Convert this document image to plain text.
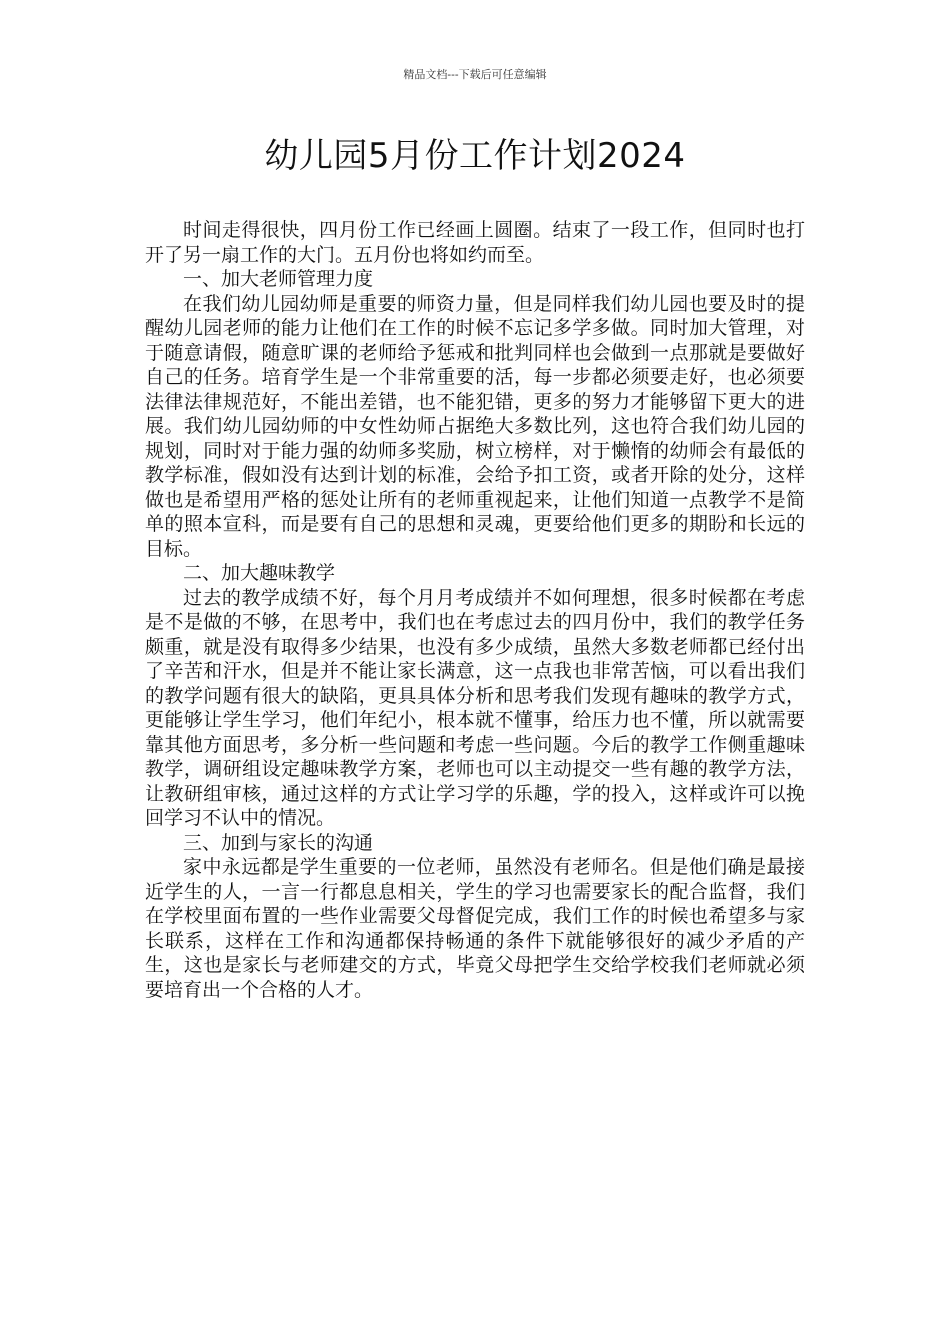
精品文档---下载后可任意编辑
幼儿园5月份工作计划2024

时间走得很快，四月份工作已经画上圆圈。结束了一段工作，但同时也打开了另一扇工作的大门。五月份也将如约而至。

一、加大老师管理力度

在我们幼儿园幼师是重要的师资力量，但是同样我们幼儿园也要及时的提醒幼儿园老师的能力让他们在工作的时候不忘记多学多做。同时加大管理，对于随意请假，随意旷课的老师给予惩戒和批判同样也会做到一点那就是要做好自己的任务。培育学生是一个非常重要的活，每一步都必须要走好，也必须要法律法律规范好，不能出差错，也不能犯错，更多的努力才能够留下更大的进展。我们幼儿园幼师的中女性幼师占据绝大多数比列，这也符合我们幼儿园的规划，同时对于能力强的幼师多奖励，树立榜样，对于懒惰的幼师会有最低的教学标准，假如没有达到计划的标准，会给予扣工资，或者开除的处分，这样做也是希望用严格的惩处让所有的老师重视起来，让他们知道一点教学不是简单的照本宣科，而是要有自己的思想和灵魂，更要给他们更多的期盼和长远的目标。

二、加大趣味教学

过去的教学成绩不好，每个月月考成绩并不如何理想，很多时候都在考虑是不是做的不够，在思考中，我们也在考虑过去的四月份中，我们的教学任务颇重，就是没有取得多少结果，也没有多少成绩，虽然大多数老师都已经付出了辛苦和汗水，但是并不能让家长满意，这一点我也非常苦恼，可以看出我们的教学问题有很大的缺陷，更具具体分析和思考我们发现有趣味的教学方式，更能够让学生学习，他们年纪小，根本就不懂事，给压力也不懂，所以就需要靠其他方面思考，多分析一些问题和考虑一些问题。今后的教学工作侧重趣味教学，调研组设定趣味教学方案，老师也可以主动提交一些有趣的教学方法，让教研组审核，通过这样的方式让学习学的乐趣，学的投入，这样或许可以挽回学习不认中的情况。

三、加到与家长的沟通

家中永远都是学生重要的一位老师，虽然没有老师名。但是他们确是最接近学生的人，一言一行都息息相关，学生的学习也需要家长的配合监督，我们在学校里面布置的一些作业需要父母督促完成，我们工作的时候也希望多与家长联系，这样在工作和沟通都保持畅通的条件下就能够很好的减少矛盾的产生，这也是家长与老师建交的方式，毕竟父母把学生交给学校我们老师就必须要培育出一个合格的人才。
